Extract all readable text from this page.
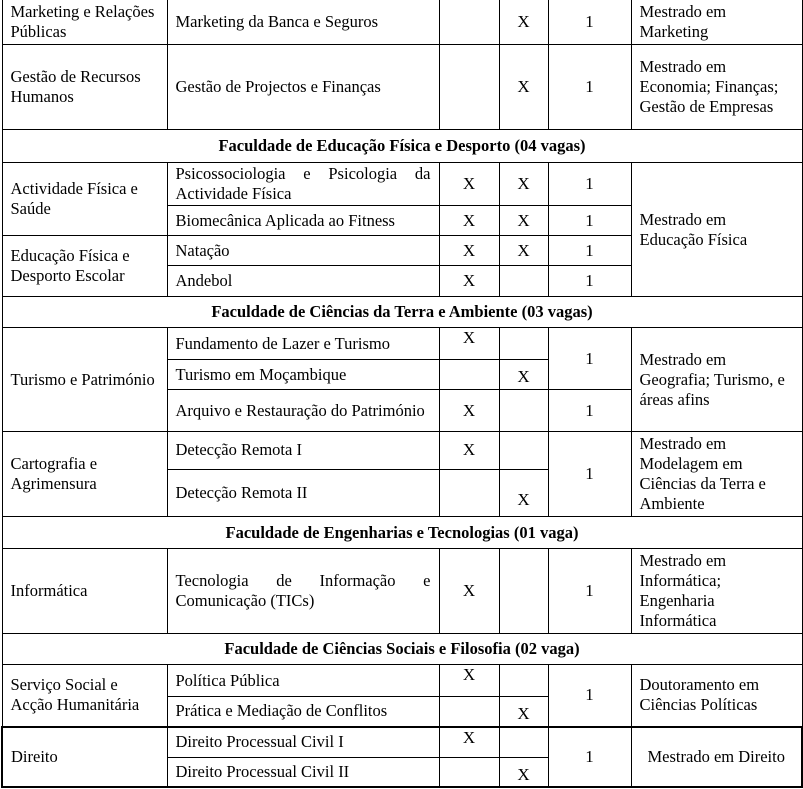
Marketing e Relações Públicas	Marketing da Banca e Seguros		X	1	Mestrado em Marketing
Gestão de Recursos Humanos	Gestão de Projectos e Finanças		X	1	Mestrado em Economia; Finanças; Gestão de Empresas
Faculdade de Educação Física e Desporto (04 vagas)					
Actividade Física e Saúde	Psicossociologia e Psicologia da Actividade Física	X	X	1	Mestrado em Educação Física
	Biomecânica Aplicada ao Fitness	X	X	1	
Educação Física e Desporto Escolar	Natação	X	X	1	
	Andebol	X		1	
Faculdade de Ciências da Terra e Ambiente (03 vagas)					
Turismo e Património	Fundamento de Lazer e Turismo	X		1	Mestrado em Geografia; Turismo, e áreas afins
	Turismo em Moçambique		X		
	Arquivo e Restauração do Património	X		1	
Cartografia e Agrimensura	Detecção Remota I	X		1	Mestrado em Modelagem em Ciências da Terra e Ambiente
	Detecção Remota II		X		
Faculdade de Engenharias e Tecnologias (01 vaga)					
Informática	Tecnologia de Informação e Comunicação (TICs)	X		1	Mestrado em Informática; Engenharia Informática
Faculdade de Ciências Sociais e Filosofia (02 vaga)					
Serviço Social e Acção Humanitária	Política Pública	X		1	Doutoramento em Ciências Políticas
	Prática e Mediação de Conflitos		X		
Direito	Direito Processual Civil I	X		1	Mestrado em Direito
	Direito Processual Civil II		X		
